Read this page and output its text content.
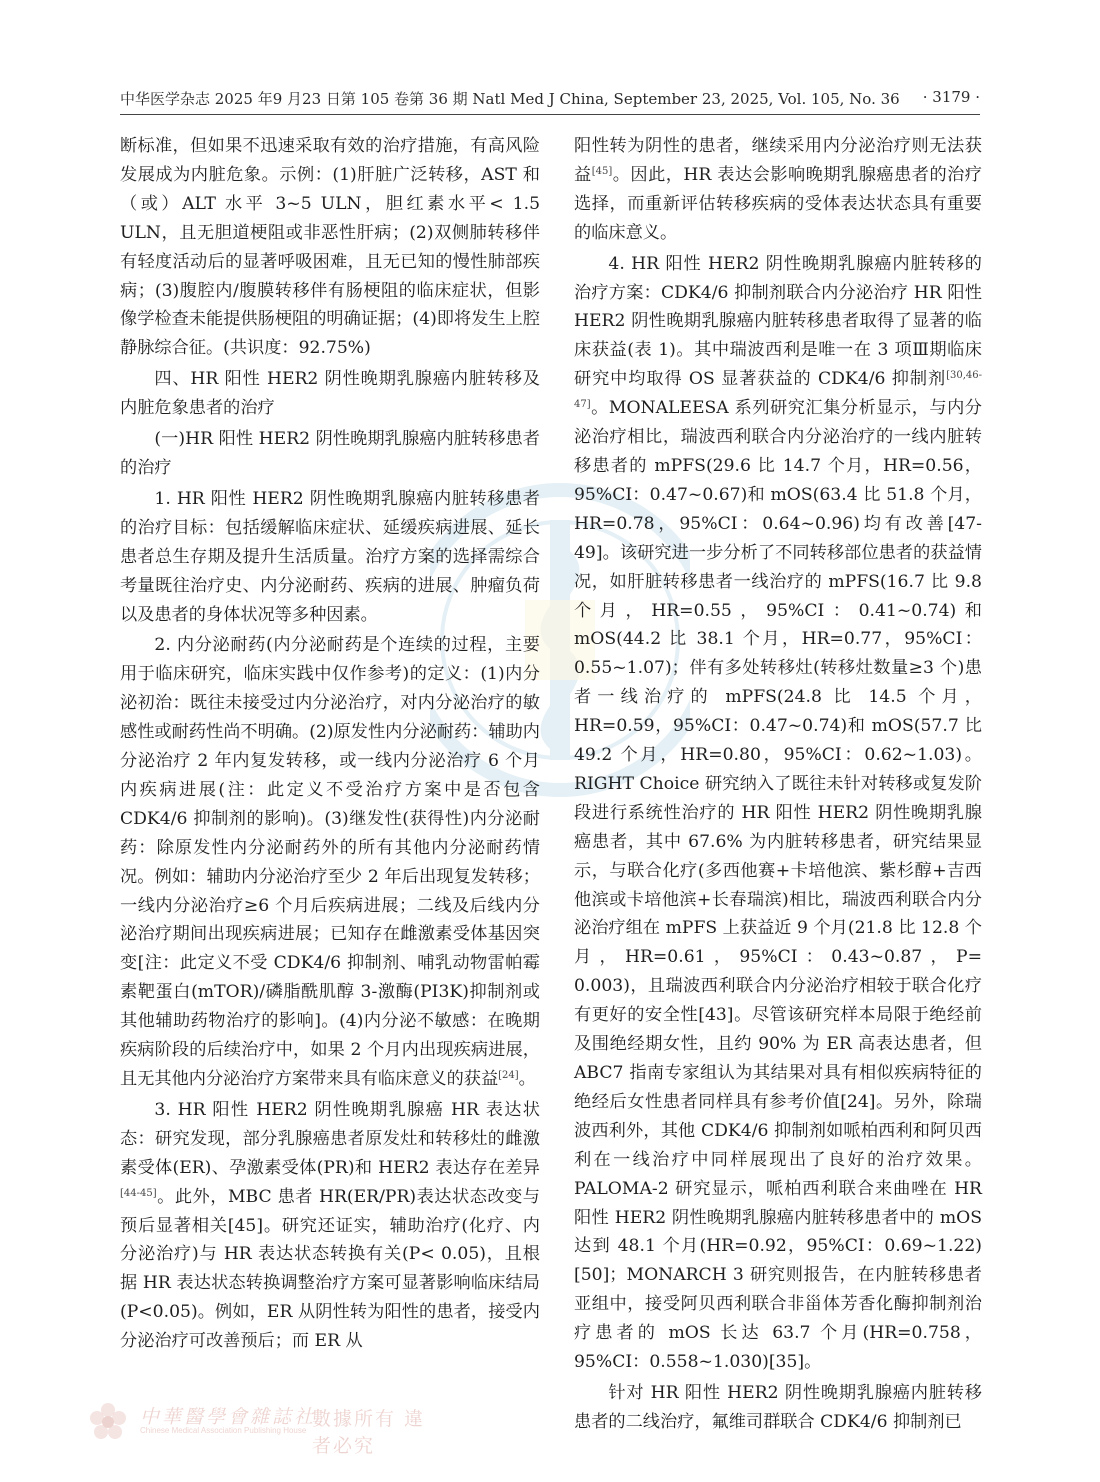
中华医学杂志 2025 年9 月23 日第 105 卷第 36 期 Natl Med J China, September 23, 2025, Vol. 105, No. 36 · 3179 ·

断标准，但如果不迅速采取有效的治疗措施，有高风险发展成为内脏危象。示例：(1)肝脏广泛转移，AST 和（或）ALT 水平 3~5 ULN，胆红素水平< 1.5 ULN，且无胆道梗阻或非恶性肝病；(2)双侧肺转移伴有轻度活动后的显著呼吸困难，且无已知的慢性肺部疾病；(3)腹腔内/腹膜转移伴有肠梗阻的临床症状，但影像学检查未能提供肠梗阻的明确证据；(4)即将发生上腔静脉综合征。(共识度：92.75%)

四、HR 阳性 HER2 阴性晚期乳腺癌内脏转移及内脏危象患者的治疗

(一)HR 阳性 HER2 阴性晚期乳腺癌内脏转移患者的治疗

1. HR 阳性 HER2 阴性晚期乳腺癌内脏转移患者的治疗目标：包括缓解临床症状、延缓疾病进展、延长患者总生存期及提升生活质量。治疗方案的选择需综合考量既往治疗史、内分泌耐药、疾病的进展、肿瘤负荷以及患者的身体状况等多种因素。

2. 内分泌耐药(内分泌耐药是个连续的过程，主要用于临床研究，临床实践中仅作参考)的定义：(1)内分泌初治：既往未接受过内分泌治疗，对内分泌治疗的敏感性或耐药性尚不明确。(2)原发性内分泌耐药：辅助内分泌治疗 2 年内复发转移，或一线内分泌治疗 6 个月内疾病进展(注：此定义不受治疗方案中是否包含 CDK4/6 抑制剂的影响)。(3)继发性(获得性)内分泌耐药：除原发性内分泌耐药外的所有其他内分泌耐药情况。例如：辅助内分泌治疗至少 2 年后出现复发转移；一线内分泌治疗≥6 个月后疾病进展；二线及后线内分泌治疗期间出现疾病进展；已知存在雌激素受体基因突变[注：此定义不受 CDK4/6 抑制剂、哺乳动物雷帕霉素靶蛋白(mTOR)/磷脂酰肌醇 3-激酶(PI3K)抑制剂或其他辅助药物治疗的影响]。(4)内分泌不敏感：在晚期疾病阶段的后续治疗中，如果 2 个月内出现疾病进展，且无其他内分泌治疗方案带来具有临床意义的获益[24]。

3. HR 阳性 HER2 阴性晚期乳腺癌 HR 表达状态：研究发现，部分乳腺癌患者原发灶和转移灶的雌激素受体(ER)、孕激素受体(PR)和 HER2 表达存在差异[44-45]。此外，MBC 患者 HR(ER/PR)表达状态改变与预后显著相关[45]。研究还证实，辅助治疗(化疗、内分泌治疗)与 HR 表达状态转换有关(P< 0.05)，且根据 HR 表达状态转换调整治疗方案可显著影响临床结局(P<0.05)。例如，ER 从阴性转为阳性的患者，接受内分泌治疗可改善预后；而 ER 从

阳性转为阴性的患者，继续采用内分泌治疗则无法获益[45]。因此，HR 表达会影响晚期乳腺癌患者的治疗选择，而重新评估转移疾病的受体表达状态具有重要的临床意义。

4. HR 阳性 HER2 阴性晚期乳腺癌内脏转移的治疗方案：CDK4/6 抑制剂联合内分泌治疗 HR 阳性 HER2 阴性晚期乳腺癌内脏转移患者取得了显著的临床获益(表 1)。其中瑞波西利是唯一在 3 项Ⅲ期临床研究中均取得 OS 显著获益的 CDK4/6 抑制剂[30,46-47]。MONALEESA 系列研究汇集分析显示，与内分泌治疗相比，瑞波西利联合内分泌治疗的一线内脏转移患者的 mPFS(29.6 比 14.7 个月，HR=0.56，95%CI：0.47~0.67)和 mOS(63.4 比 51.8 个月，HR=0.78，95%CI：0.64~0.96)均有改善[47-49]。该研究进一步分析了不同转移部位患者的获益情况，如肝脏转移患者一线治疗的 mPFS(16.7 比 9.8 个月，HR=0.55，95%CI：0.41~0.74)和 mOS(44.2 比 38.1 个月，HR=0.77，95%CI：0.55~1.07)；伴有多处转移灶(转移灶数量≥3 个)患者一线治疗的 mPFS(24.8 比 14.5 个月，HR=0.59，95%CI：0.47~0.74)和 mOS(57.7 比 49.2 个月，HR=0.80，95%CI：0.62~1.03)。RIGHT Choice 研究纳入了既往未针对转移或复发阶段进行系统性治疗的 HR 阳性 HER2 阴性晚期乳腺癌患者，其中 67.6% 为内脏转移患者，研究结果显示，与联合化疗(多西他赛+卡培他滨、紫杉醇+吉西他滨或卡培他滨+长春瑞滨)相比，瑞波西利联合内分泌治疗组在 mPFS 上获益近 9 个月(21.8 比 12.8 个月，HR=0.61，95%CI：0.43~0.87，P= 0.003)，且瑞波西利联合内分泌治疗相较于联合化疗有更好的安全性[43]。尽管该研究样本局限于绝经前及围绝经期女性，且约 90% 为 ER 高表达患者，但 ABC7 指南专家组认为其结果对具有相似疾病特征的绝经后女性患者同样具有参考价值[24]。另外，除瑞波西利外，其他 CDK4/6 抑制剂如哌柏西利和阿贝西利在一线治疗中同样展现出了良好的治疗效果。PALOMA-2 研究显示，哌柏西利联合来曲唑在 HR 阳性 HER2 阴性晚期乳腺癌内脏转移患者中的 mOS 达到 48.1 个月(HR=0.92，95%CI：0.69~1.22)[50]；MONARCH 3 研究则报告，在内脏转移患者亚组中，接受阿贝西利联合非甾体芳香化酶抑制剂治疗患者的 mOS 长达 63.7 个月(HR=0.758，95%CI：0.558~1.030)[35]。

针对 HR 阳性 HER2 阴性晚期乳腺癌内脏转移患者的二线治疗，氟维司群联合 CDK4/6 抑制剂已

中華醫學會雜誌社
Chinese Medical Association Publishing House
數據所有 違者必究
